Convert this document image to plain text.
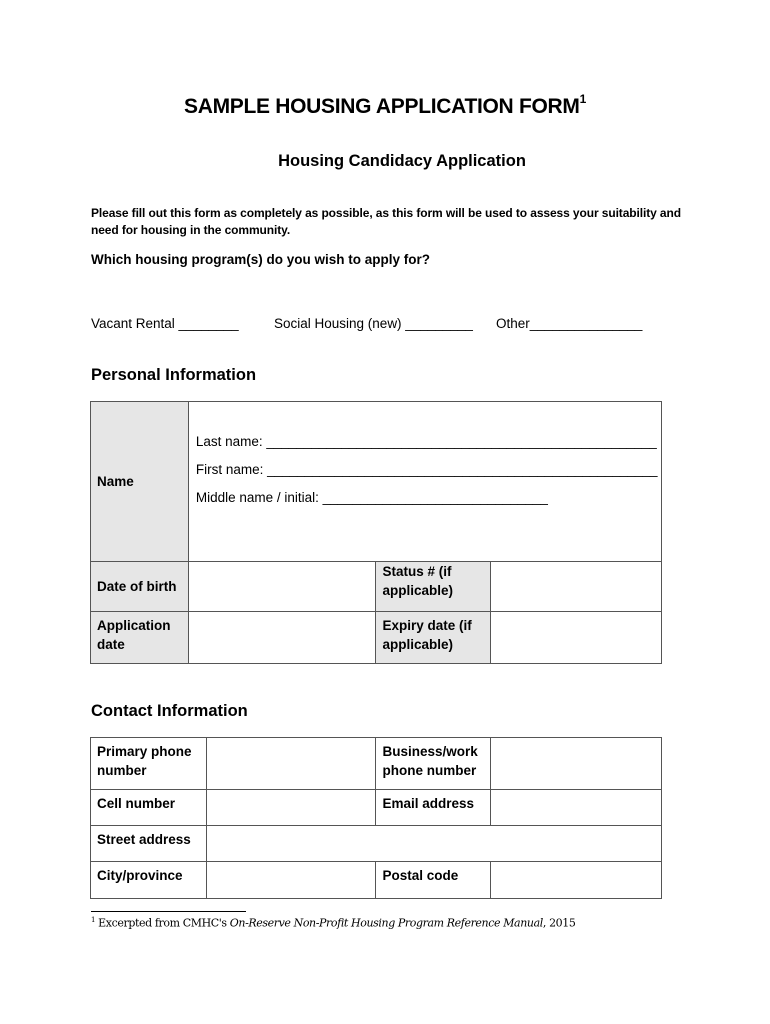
SAMPLE HOUSING APPLICATION FORM$^1$
Housing Candidacy Application
Please fill out this form as completely as possible, as this form will be used to assess your suitability and need for housing in the community.
Which housing program(s) do you wish to apply for?
Vacant Rental ________	Social Housing (new) _________ Other_______________
Personal Information
Name	Last name: ____________________________________________________
First name: ____________________________________________________
Middle name / initial: ______________________________		

Date of birth		Status # (if applicable)	

Application date		Expiry date (if applicable)	

Contact Information
Primary phone number		Business/work phone number	

Cell number		Email address	

Street address			

City/province		Postal code	

$^1$ Excerpted from CMHC's On-Reserve Non-Profit Housing Program Reference Manual, 2015
